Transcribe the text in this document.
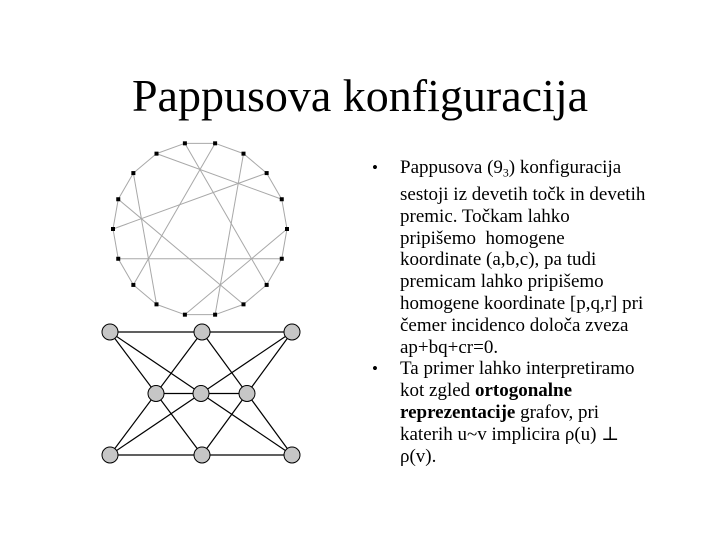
Pappusova konfiguracija
•	Pappusova $(9_3)$ konfiguracija
sestoji iz devetih točk in devetih
premic. Točkam lahko
pripišemo  homogene
koordinate (a,b,c), pa tudi
premicam lahko pripišemo
homogene koordinate [p,q,r] pri
čemer incidenco določa zveza
ap+bq+cr=0.
•	Ta primer lahko interpretiramo
kot zgled ortogonalne
reprezentacije grafov, pri
katerih u~v implicira ρ(u) ⊥
ρ(v).
